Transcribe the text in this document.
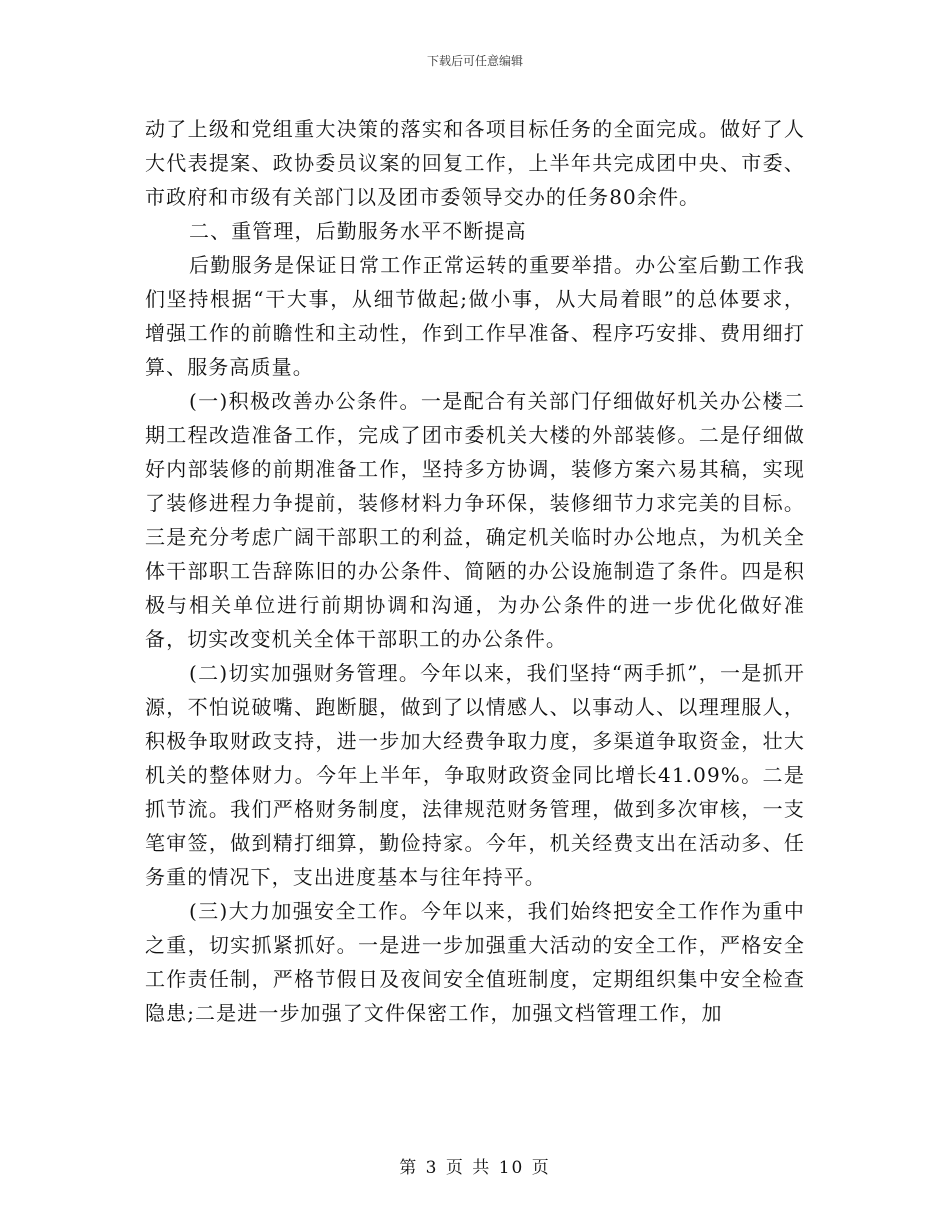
下载后可任意编辑

动了上级和党组重大决策的落实和各项目标任务的全面完成。做好了人大代表提案、政协委员议案的回复工作，上半年共完成团中央、市委、市政府和市级有关部门以及团市委领导交办的任务80余件。

二、重管理，后勤服务水平不断提高

后勤服务是保证日常工作正常运转的重要举措。办公室后勤工作我们坚持根据“干大事，从细节做起;做小事，从大局着眼”的总体要求，增强工作的前瞻性和主动性，作到工作早准备、程序巧安排、费用细打算、服务高质量。

(一)积极改善办公条件。一是配合有关部门仔细做好机关办公楼二期工程改造准备工作，完成了团市委机关大楼的外部装修。二是仔细做好内部装修的前期准备工作，坚持多方协调，装修方案六易其稿，实现了装修进程力争提前，装修材料力争环保，装修细节力求完美的目标。三是充分考虑广阔干部职工的利益，确定机关临时办公地点，为机关全体干部职工告辞陈旧的办公条件、简陋的办公设施制造了条件。四是积极与相关单位进行前期协调和沟通，为办公条件的进一步优化做好准备，切实改变机关全体干部职工的办公条件。

(二)切实加强财务管理。今年以来，我们坚持“两手抓”，一是抓开源，不怕说破嘴、跑断腿，做到了以情感人、以事动人、以理理服人，积极争取财政支持，进一步加大经费争取力度，多渠道争取资金，壮大机关的整体财力。今年上半年，争取财政资金同比增长41.09%。二是抓节流。我们严格财务制度，法律规范财务管理，做到多次审核，一支笔审签，做到精打细算，勤俭持家。今年，机关经费支出在活动多、任务重的情况下，支出进度基本与往年持平。

(三)大力加强安全工作。今年以来，我们始终把安全工作作为重中之重，切实抓紧抓好。一是进一步加强重大活动的安全工作，严格安全工作责任制，严格节假日及夜间安全值班制度，定期组织集中安全检查隐患;二是进一步加强了文件保密工作，加强文档管理工作，加

第 3 页 共 10 页
